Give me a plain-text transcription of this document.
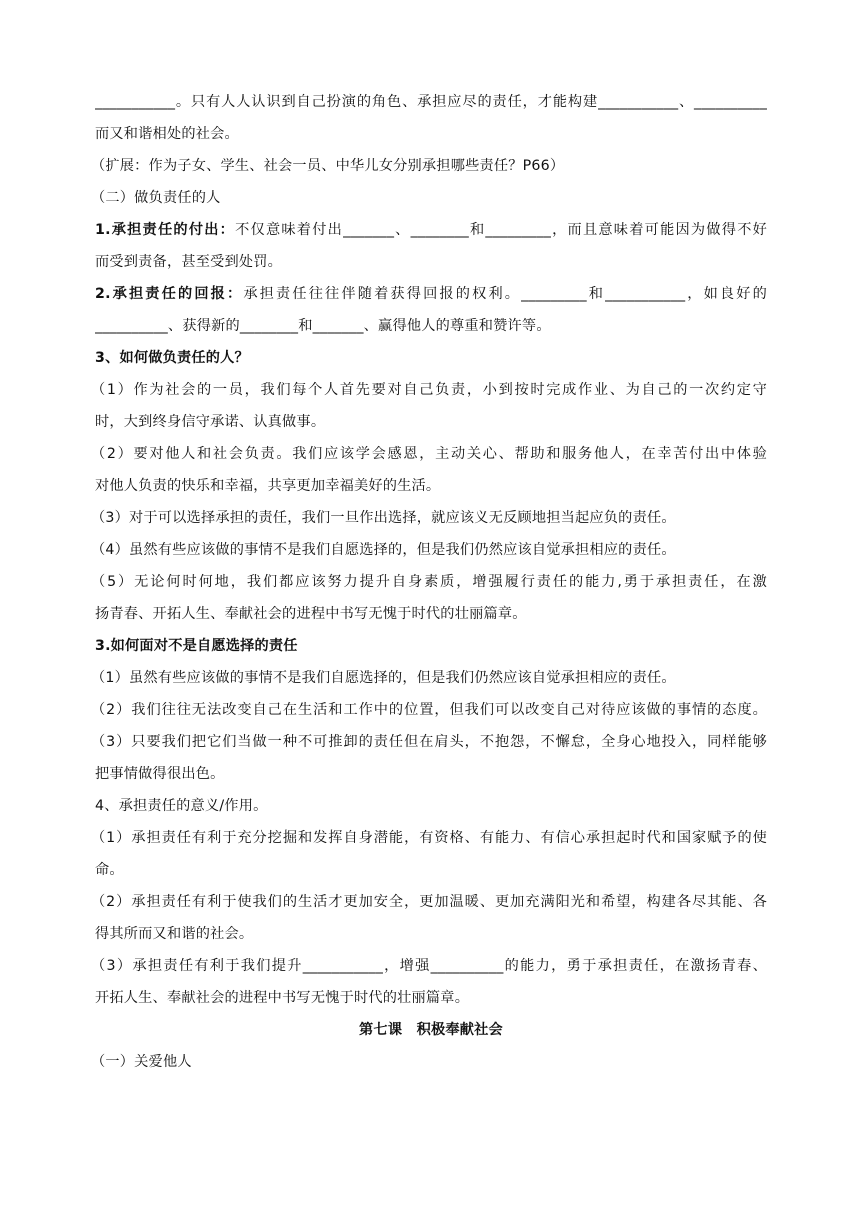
___________。只有人人认识到自己扮演的角色、承担应尽的责任，才能构建___________、__________
而又和谐相处的社会。
（扩展：作为子女、学生、社会一员、中华儿女分别承担哪些责任？P66）
（二）做负责任的人
1.承担责任的付出：不仅意味着付出_______、________和_________，而且意味着可能因为做得不好
而受到责备，甚至受到处罚。
2.承担责任的回报：承担责任往往伴随着获得回报的权利。_________和___________，如良好的
__________、获得新的________和_______、赢得他人的尊重和赞许等。
3、如何做负责任的人？
（1）作为社会的一员，我们每个人首先要对自己负责，小到按时完成作业、为自己的一次约定守
时，大到终身信守承诺、认真做事。
（2）要对他人和社会负责。我们应该学会感恩，主动关心、帮助和服务他人，在幸苦付出中体验
对他人负责的快乐和幸福，共享更加幸福美好的生活。
（3）对于可以选择承担的责任，我们一旦作出选择，就应该义无反顾地担当起应负的责任。
（4）虽然有些应该做的事情不是我们自愿选择的，但是我们仍然应该自觉承担相应的责任。
（5）无论何时何地，我们都应该努力提升自身素质，增强履行责任的能力,勇于承担责任，在激
扬青春、开拓人生、奉献社会的进程中书写无愧于时代的壮丽篇章。
3.如何面对不是自愿选择的责任
（1）虽然有些应该做的事情不是我们自愿选择的，但是我们仍然应该自觉承担相应的责任。
（2）我们往往无法改变自己在生活和工作中的位置，但我们可以改变自己对待应该做的事情的态度。
（3）只要我们把它们当做一种不可推卸的责任但在肩头，不抱怨，不懈怠，全身心地投入，同样能够
把事情做得很出色。
4、承担责任的意义/作用。
（1）承担责任有利于充分挖掘和发挥自身潜能，有资格、有能力、有信心承担起时代和国家赋予的使
命。
（2）承担责任有利于使我们的生活才更加安全，更加温暖、更加充满阳光和希望，构建各尽其能、各
得其所而又和谐的社会。
（3）承担责任有利于我们提升___________，增强__________的能力，勇于承担责任，在激扬青春、
开拓人生、奉献社会的进程中书写无愧于时代的壮丽篇章。
第七课　积极奉献社会
（一）关爱他人
